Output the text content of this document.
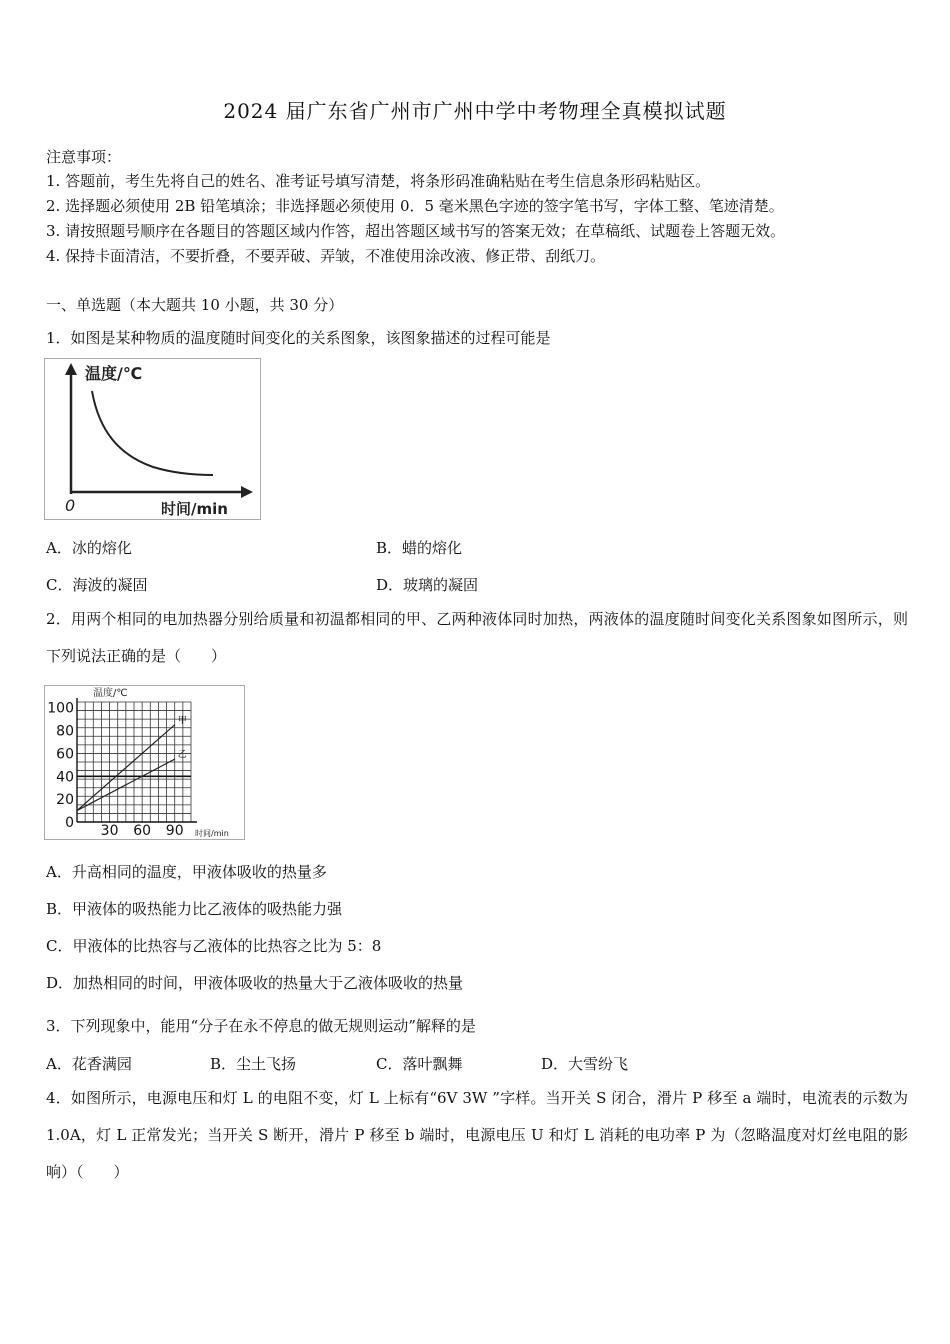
2024 届广东省广州市广州中学中考物理全真模拟试题
注意事项：
1. 答题前，考生先将自己的姓名、准考证号填写清楚，将条形码准确粘贴在考生信息条形码粘贴区。
2. 选择题必须使用 2B 铅笔填涂；非选择题必须使用 0．5 毫米黑色字迹的签字笔书写，字体工整、笔迹清楚。
3. 请按照题号顺序在各题目的答题区域内作答，超出答题区域书写的答案无效；在草稿纸、试题卷上答题无效。
4. 保持卡面清洁，不要折叠，不要弄破、弄皱，不准使用涂改液、修正带、刮纸刀。
一、单选题（本大题共 10 小题，共 30 分）
1．如图是某种物质的温度随时间变化的关系图象，该图象描述的过程可能是
温度/℃
时间/min
0
A．冰的熔化	B．蜡的熔化
C．海波的凝固	D．玻璃的凝固
2．用两个相同的电加热器分别给质量和初温都相同的甲、乙两种液体同时加热，两液体的温度随时间变化关系图象如图所示，则下列说法正确的是（　　）
温度/℃
时间/min
100
80
60
40
20
0 30 60 90
甲
乙
A．升高相同的温度，甲液体吸收的热量多
B．甲液体的吸热能力比乙液体的吸热能力强
C．甲液体的比热容与乙液体的比热容之比为 5：8
D．加热相同的时间，甲液体吸收的热量大于乙液体吸收的热量
3．下列现象中，能用“分子在永不停息的做无规则运动”解释的是
A．花香满园	B．尘土飞扬	C．落叶飘舞	D．大雪纷飞
4．如图所示，电源电压和灯 L 的电阻不变，灯 L 上标有“6V 3W ”字样。当开关 S 闭合，滑片 P 移至 a 端时，电流表的示数为 1.0A，灯 L 正常发光；当开关 S 断开，滑片 P 移至 b 端时，电源电压 U 和灯 L 消耗的电功率 P 为（忽略温度对灯丝电阻的影响）（　　）
